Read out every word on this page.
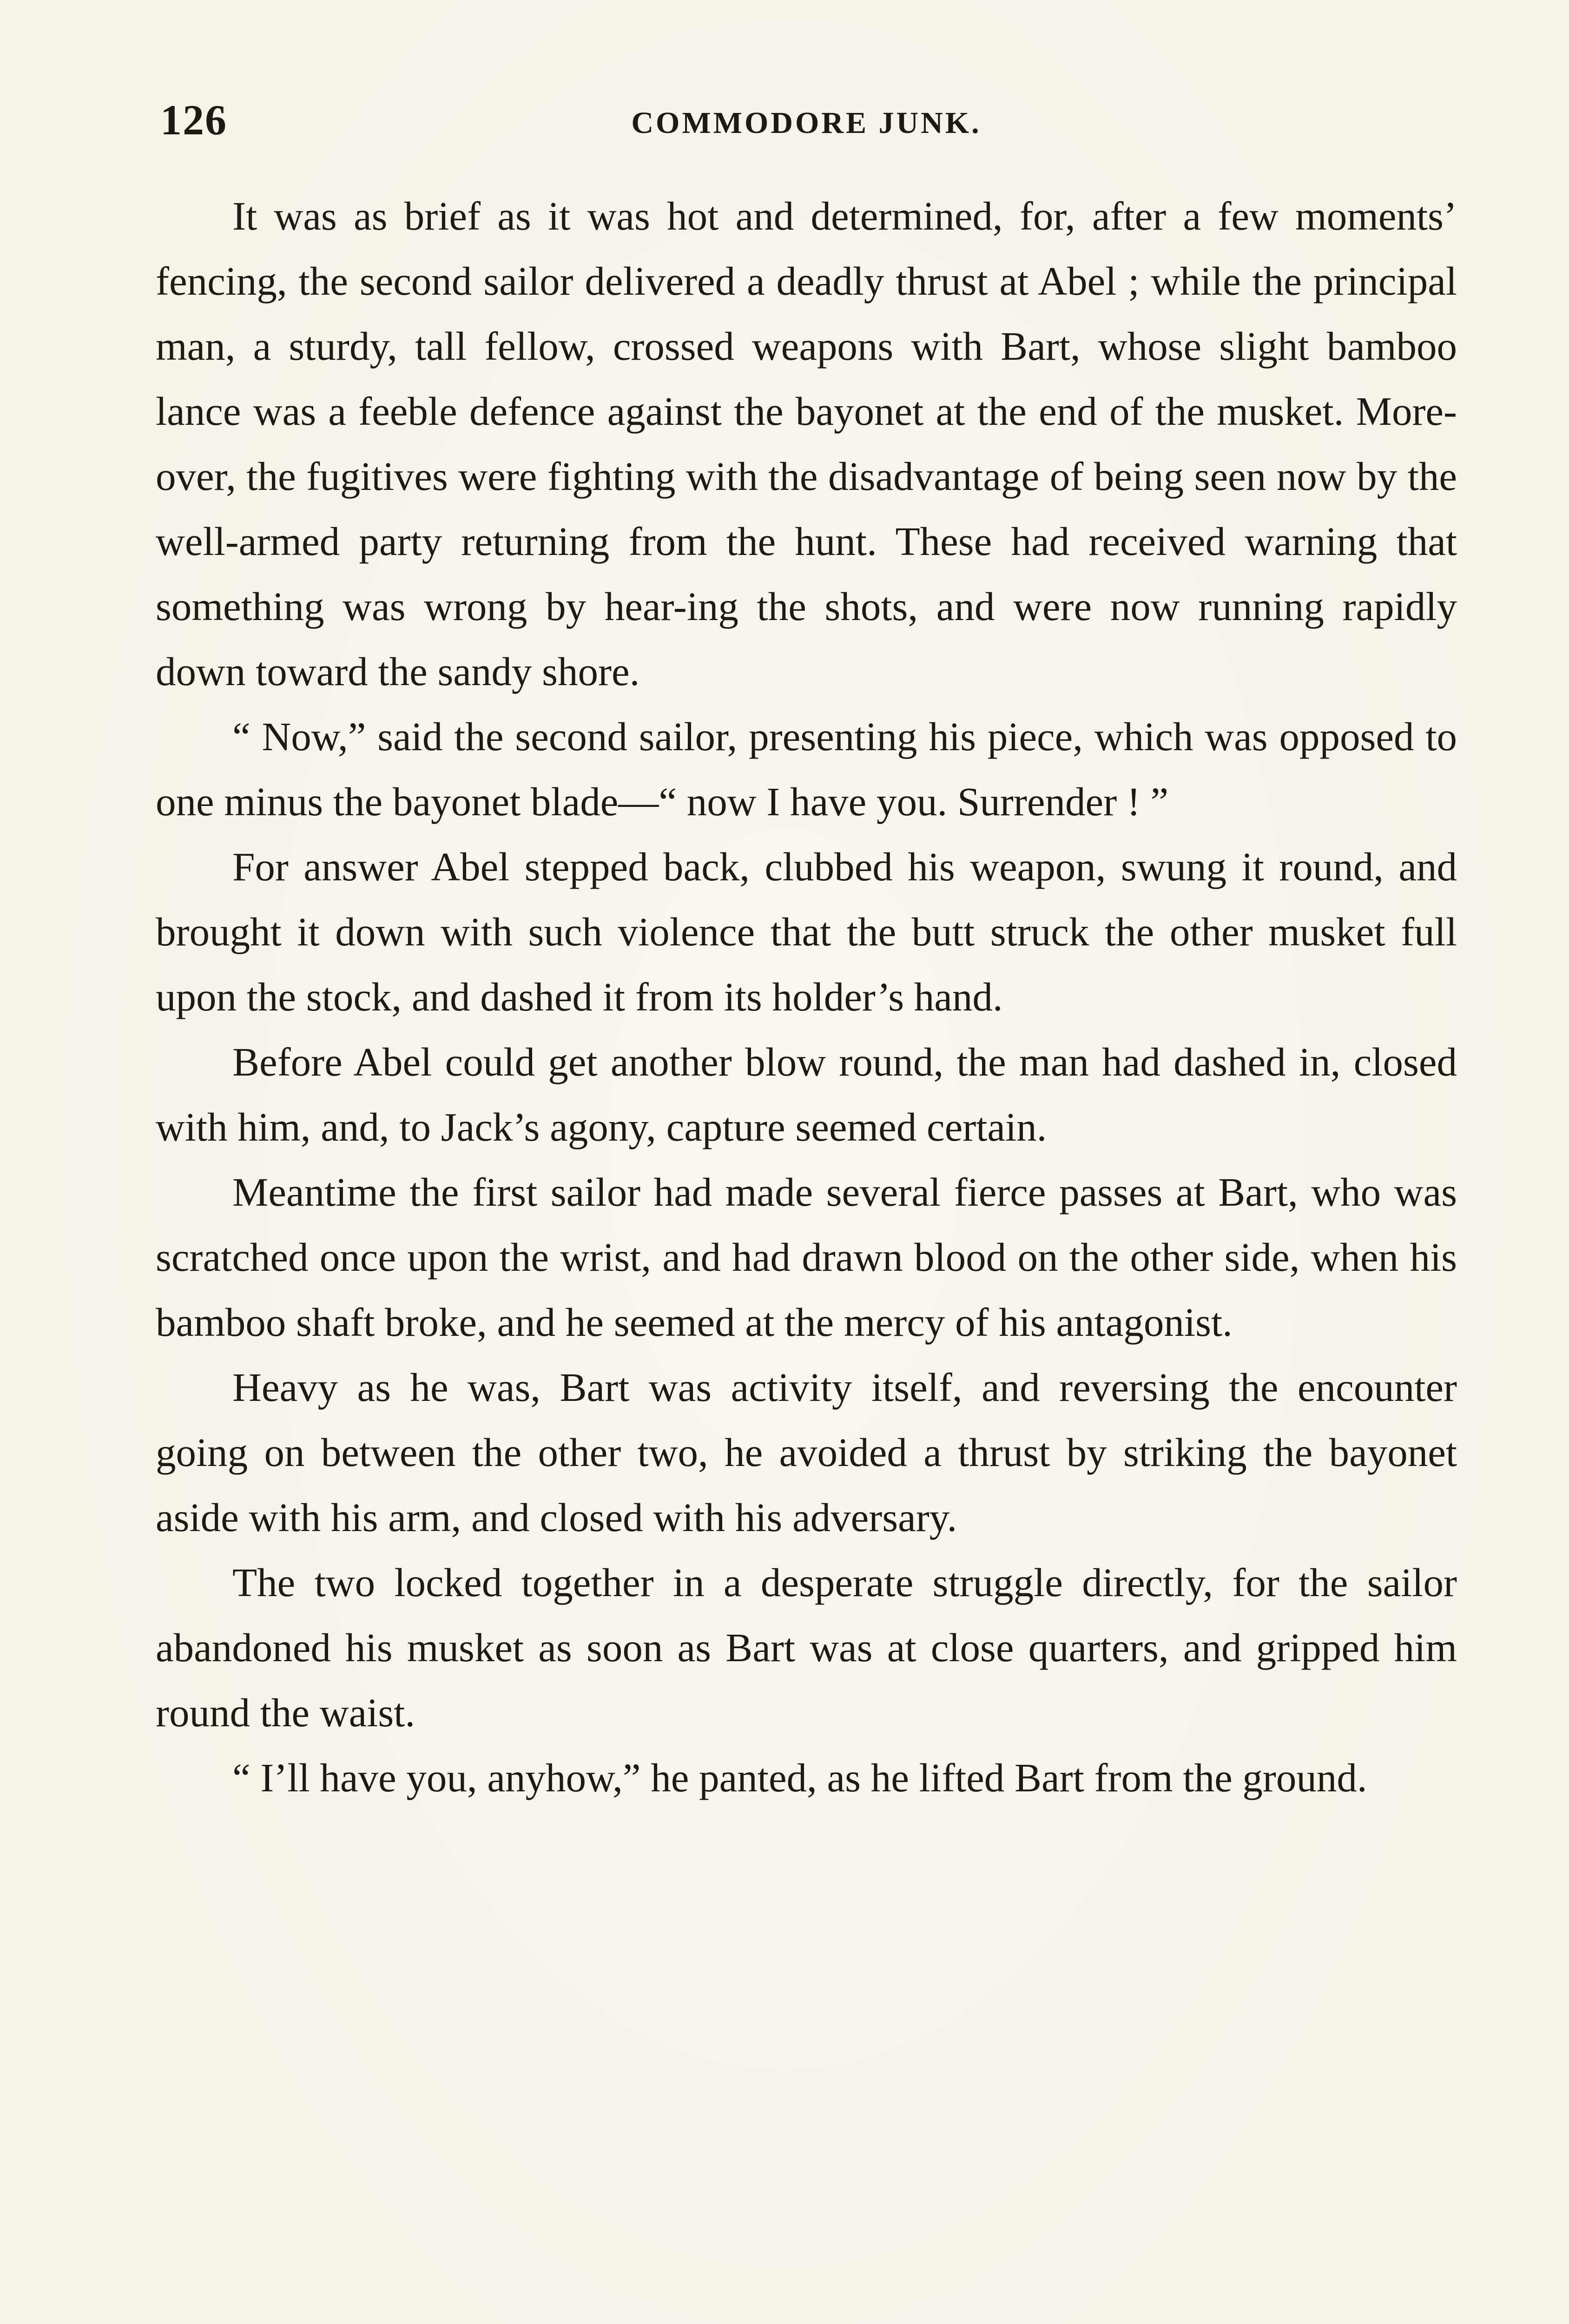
126	COMMODORE JUNK.

It was as brief as it was hot and determined, for, after a few moments’ fencing, the second sailor delivered a deadly thrust at Abel ; while the principal man, a sturdy, tall fellow, crossed weapons with Bart, whose slight bamboo lance was a feeble defence against the bayonet at the end of the musket. More-over, the fugitives were fighting with the disadvantage of being seen now by the well-armed party returning from the hunt. These had received warning that something was wrong by hear-ing the shots, and were now running rapidly down toward the sandy shore.

“ Now,” said the second sailor, presenting his piece, which was opposed to one minus the bayonet blade—“ now I have you. Surrender ! ”

For answer Abel stepped back, clubbed his weapon, swung it round, and brought it down with such violence that the butt struck the other musket full upon the stock, and dashed it from its holder’s hand.

Before Abel could get another blow round, the man had dashed in, closed with him, and, to Jack’s agony, capture seemed certain.

Meantime the first sailor had made several fierce passes at Bart, who was scratched once upon the wrist, and had drawn blood on the other side, when his bamboo shaft broke, and he seemed at the mercy of his antagonist.

Heavy as he was, Bart was activity itself, and reversing the encounter going on between the other two, he avoided a thrust by striking the bayonet aside with his arm, and closed with his adversary.

The two locked together in a desperate struggle directly, for the sailor abandoned his musket as soon as Bart was at close quarters, and gripped him round the waist.

“ I’ll have you, anyhow,” he panted, as he lifted Bart from the ground.
